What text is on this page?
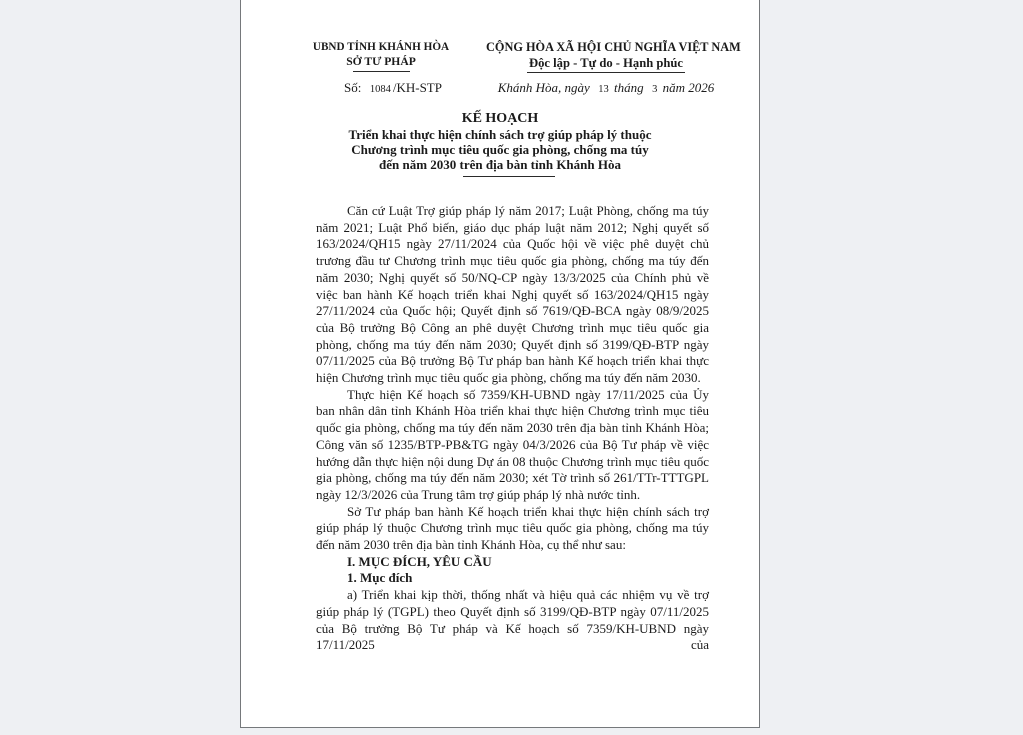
UBND TỈNH KHÁNH HÒA
SỞ TƯ PHÁP
Số: 1084 /KH-STP
CỘNG HÒA XÃ HỘI CHỦ NGHĨA VIỆT NAM
Độc lập - Tự do - Hạnh phúc
Khánh Hòa, ngày 13 tháng 3 năm 2026
KẾ HOẠCH
Triển khai thực hiện chính sách trợ giúp pháp lý thuộc
Chương trình mục tiêu quốc gia phòng, chống ma túy
đến năm 2030 trên địa bàn tỉnh Khánh Hòa

Căn cứ Luật Trợ giúp pháp lý năm 2017; Luật Phòng, chống ma túy năm 2021; Luật Phổ biến, giáo dục pháp luật năm 2012; Nghị quyết số 163/2024/QH15 ngày 27/11/2024 của Quốc hội về việc phê duyệt chủ trương đầu tư Chương trình mục tiêu quốc gia phòng, chống ma túy đến năm 2030; Nghị quyết số 50/NQ-CP ngày 13/3/2025 của Chính phủ về việc ban hành Kế hoạch triển khai Nghị quyết số 163/2024/QH15 ngày 27/11/2024 của Quốc hội; Quyết định số 7619/QĐ-BCA ngày 08/9/2025 của Bộ trưởng Bộ Công an phê duyệt Chương trình mục tiêu quốc gia phòng, chống ma túy đến năm 2030; Quyết định số 3199/QĐ-BTP ngày 07/11/2025 của Bộ trưởng Bộ Tư pháp ban hành Kế hoạch triển khai thực hiện Chương trình mục tiêu quốc gia phòng, chống ma túy đến năm 2030.

Thực hiện Kế hoạch số 7359/KH-UBND ngày 17/11/2025 của Ủy ban nhân dân tỉnh Khánh Hòa triển khai thực hiện Chương trình mục tiêu quốc gia phòng, chống ma túy đến năm 2030 trên địa bàn tỉnh Khánh Hòa; Công văn số 1235/BTP-PB&TG ngày 04/3/2026 của Bộ Tư pháp về việc hướng dẫn thực hiện nội dung Dự án 08 thuộc Chương trình mục tiêu quốc gia phòng, chống ma túy đến năm 2030; xét Tờ trình số 261/TTr-TTTGPL ngày 12/3/2026 của Trung tâm trợ giúp pháp lý nhà nước tỉnh.

Sở Tư pháp ban hành Kế hoạch triển khai thực hiện chính sách trợ giúp pháp lý thuộc Chương trình mục tiêu quốc gia phòng, chống ma túy đến năm 2030 trên địa bàn tỉnh Khánh Hòa, cụ thể như sau:

I. MỤC ĐÍCH, YÊU CẦU

1. Mục đích

a) Triển khai kịp thời, thống nhất và hiệu quả các nhiệm vụ về trợ giúp pháp lý (TGPL) theo Quyết định số 3199/QĐ-BTP ngày 07/11/2025 của Bộ trưởng Bộ Tư pháp và Kế hoạch số 7359/KH-UBND ngày 17/11/2025 của
